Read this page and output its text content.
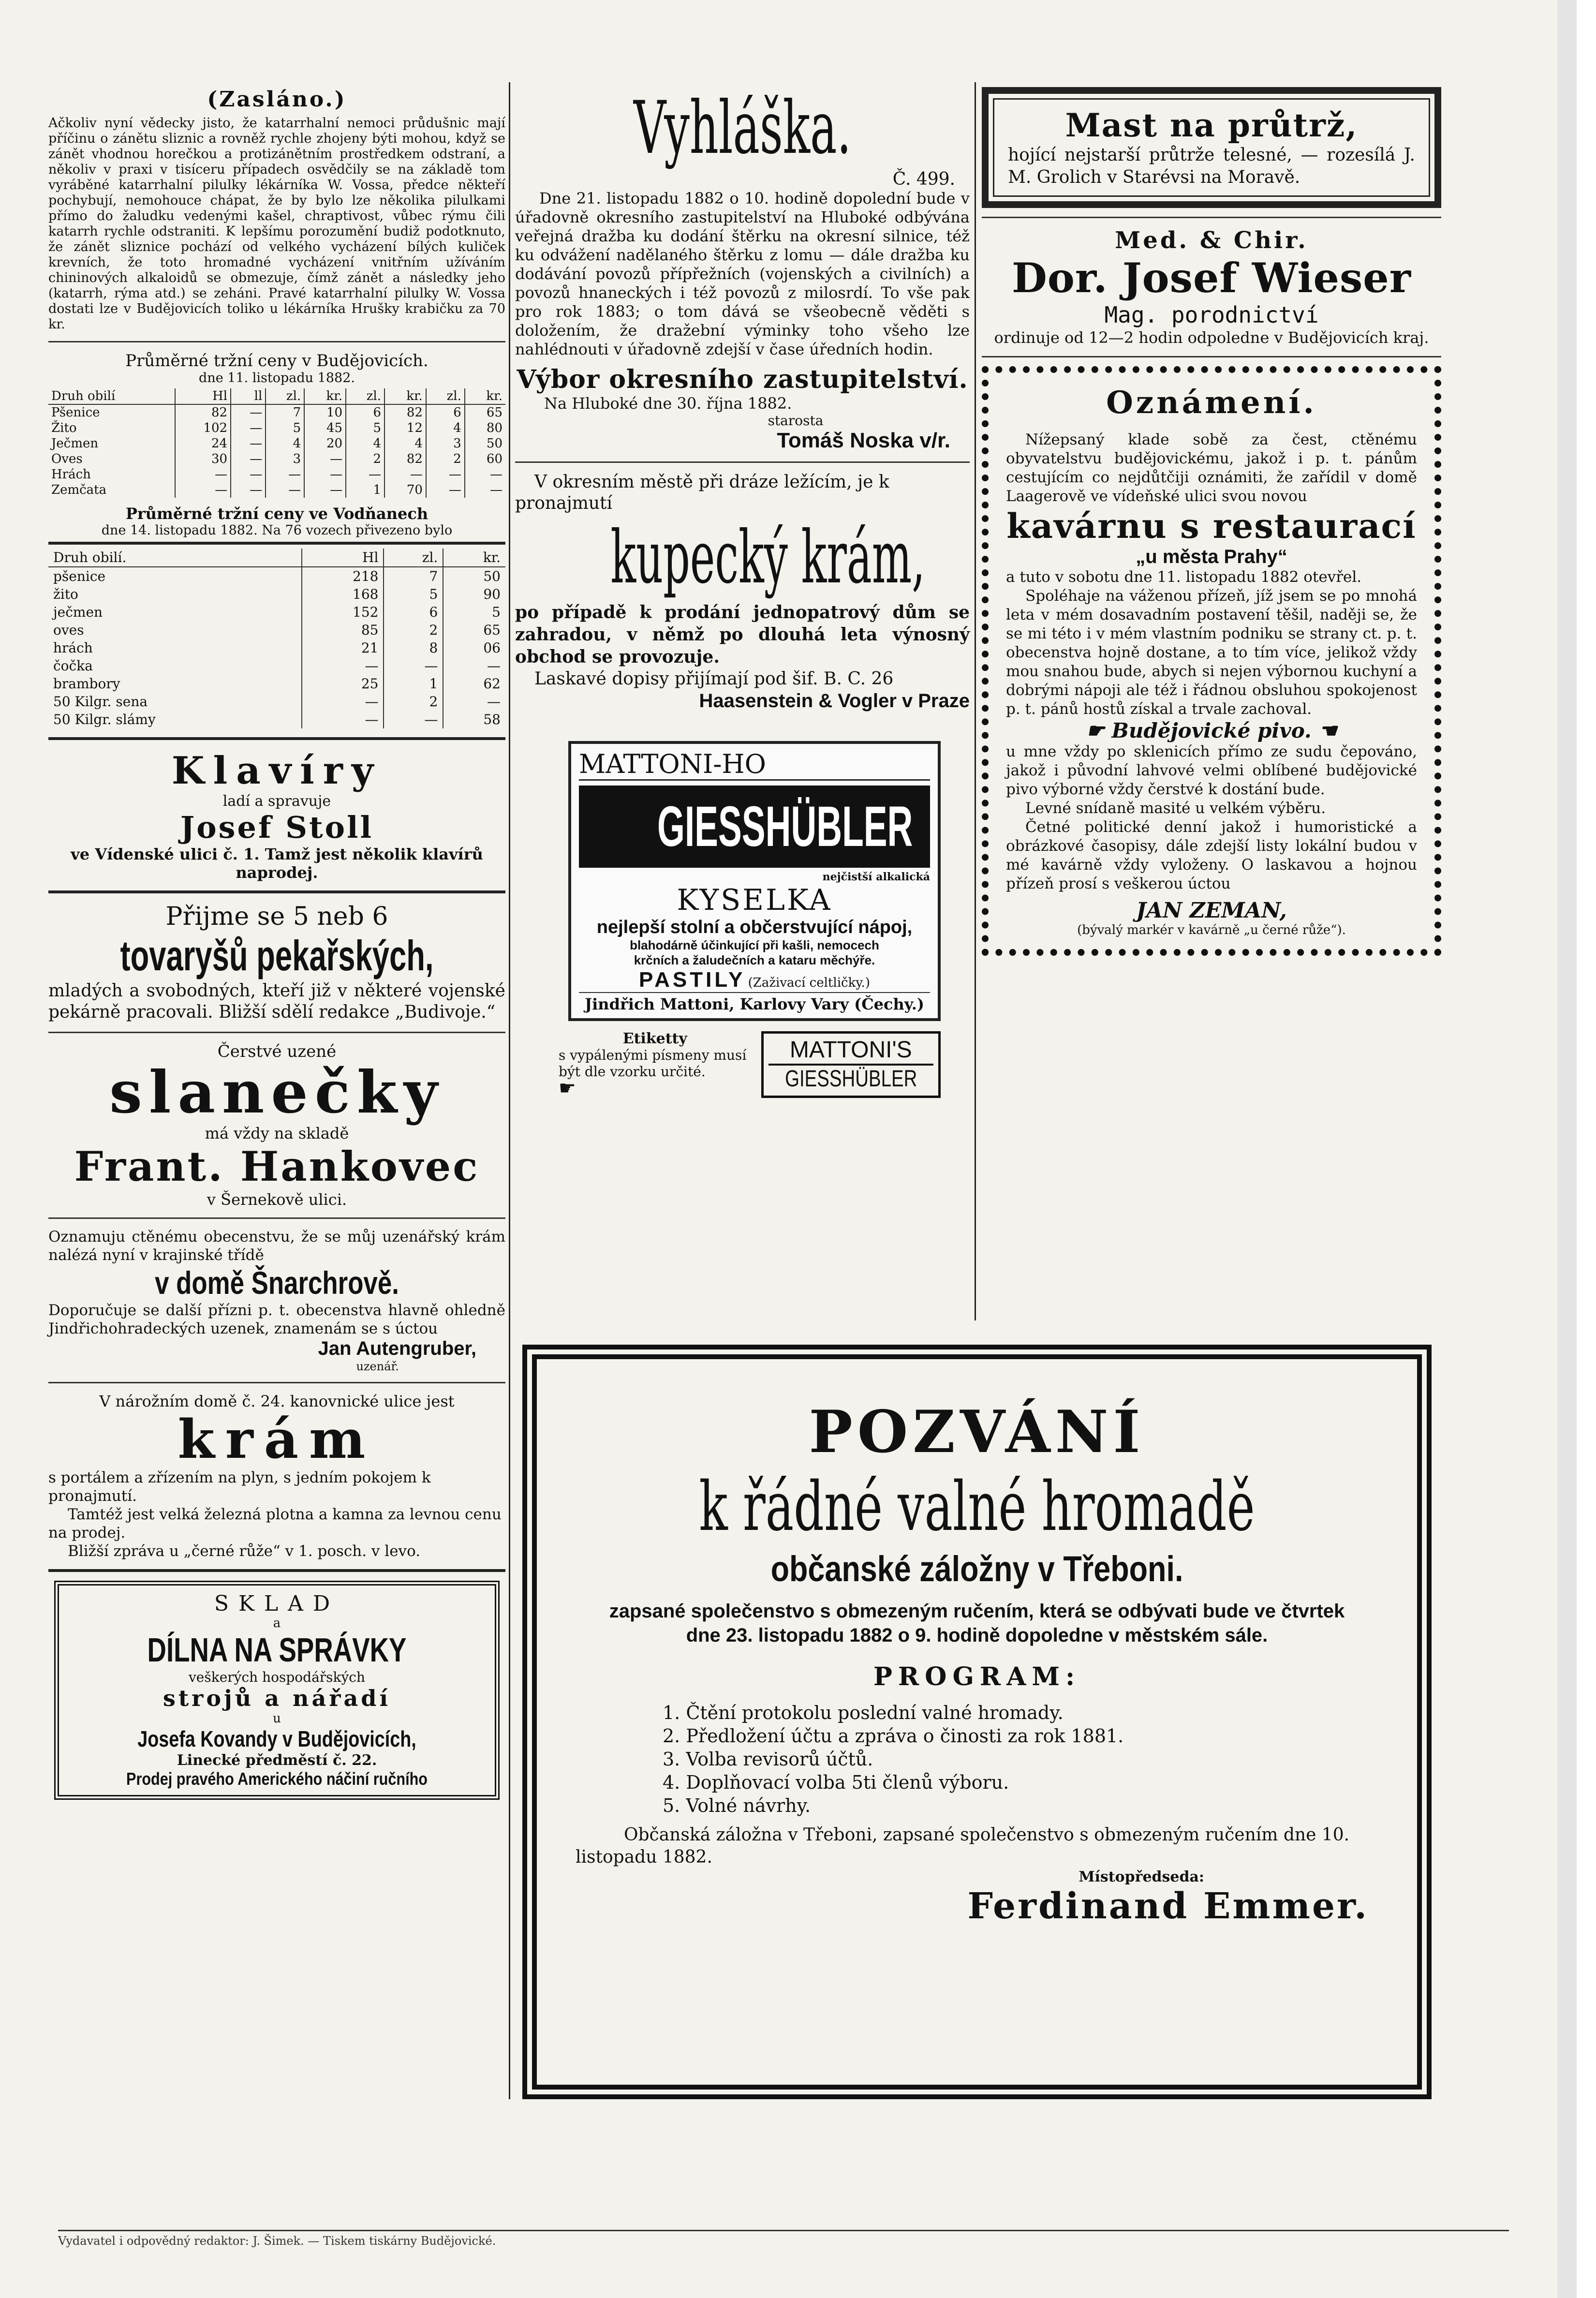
(Zasláno.)
Ačkoliv nyní vědecky jisto, že katarrhalní nemoci průdušnic mají příčinu o zánětu sliznic a rovněž rychle zhojeny býti mohou, když se zánět vhodnou horečkou a protizánětním prostředkem odstraní, a několiv v praxi v tisíceru případech osvědčily se na základě tom vyráběné katarrhalní pilulky lékárníka W. Vossa, předce někteří pochybují, nemohouce chápat, že by bylo lze několika pilulkami přímo do žaludku vedenými kašel, chraptivost, vůbec rýmu čili katarrh rychle odstraniti. K lepšímu porozumění budiž podotknuto, že zánět sliznice pochází od velkého vycházení bílých kuliček krevních, že toto hromadné vycházení vnitřním užíváním chininových alkaloidů se obmezuje, čímž zánět a následky jeho (katarrh, rýma atd.) se zeháni. Pravé katarrhalní pilulky W. Vossa dostati lze v Budějovicích toliko u lékárníka Hrušky krabičku za 70 kr.
Průměrné tržní ceny v Budějovicích.
dne 11. listopadu 1882.
Druh obilí	Hl	ll	zl.	kr.	zl.	kr.	zl.	kr.
Pšenice	82	—	7	10	6	82	6	65
Žito	102	—	5	45	5	12	4	80
Ječmen	24	—	4	20	4	4	3	50
Oves	30	—	3	—	2	82	2	60
Hrách	—	—	—	—	—	—	—	—
Zemčata	—	—	—	—	1	70	—	—
Průměrné tržní ceny ve Vodňanech
dne 14. listopadu 1882. Na 76 vozech přivezeno bylo
Druh obilí.	Hl	zl.	kr.
pšenice	218	7	50
žito	168	5	90
ječmen	152	6	5
oves	85	2	65
hrách	21	8	06
čočka	—	—	—
brambory	25	1	62
50 Kilgr. sena	—	2	—
50 Kilgr. slámy	—	—	58
Klavíry
ladí a spravuje
Josef Stoll
ve Vídenské ulici č. 1. Tamž jest několik klavírů naprodej.
Přijme se 5 neb 6
tovaryšů pekařských,
mladých a svobodných, kteří již v některé vojenské pekárně pracovali. Bližší sdělí redakce „Budivoje.“
Čerstvé uzené
slanečky
má vždy na skladě
Frant. Hankovec
v Šernekově ulici.
Oznamuju ctěnému obecenstvu, že se můj uzenářský krám nalézá nyní v krajinské třídě
v domě Šnarchrově.
Doporučuje se další přízni p. t. obecenstva hlavně ohledně Jindřichohradeckých uzenek, znamenám se s úctou
Jan Autengruber,
uzenář.
V nárožním domě č. 24. kanovnické ulice jest
krám
s portálem a zřízením na plyn, s jedním pokojem k pronajmutí.
Tamtéž jest velká železná plotna a kamna za levnou cenu na prodej.
Bližší zpráva u „černé růže“ v 1. posch. v levo.
SKLAD
a
DÍLNA NA SPRÁVKY
veškerých hospodářských
strojů a nářadí
u
Josefa Kovandy v Budějovicích,
Linecké předměstí č. 22.
Prodej pravého Amerického náčiní ručního
Vyhláška.
Č. 499.
Dne 21. listopadu 1882 o 10. hodině dopolední bude v úřadovně okresního zastupitelství na Hluboké odbývána veřejná dražba ku dodání štěrku na okresní silnice, též ku odvážení nadělaného štěrku z lomu — dále dražba ku dodávání povozů přípřežních (vojenských a civilních) a povozů hnaneckých i též povozů z milosrdí. To vše pak pro rok 1883; o tom dává se všeobecně věděti s doložením, že dražební výminky toho všeho lze nahlédnouti v úřadovně zdejší v čase úředních hodin.
Výbor okresního zastupitelství.
Na Hluboké dne 30. října 1882.
starosta
Tomáš Noska v/r.
V okresním městě při dráze ležícím, je k pronajmutí
kupecký krám,
po případě k prodání jednopatrový dům se zahradou, v němž po dlouhá leta výnosný obchod se provozuje.
Laskavé dopisy přijímají pod šif. B. C. 26
Haasenstein & Vogler v Praze
MATTONI-HO
GIESSHÜBLER
nejčistší alkalická
KYSELKA
nejlepší stolní a občerstvující nápoj,
blahodárně účinkující při kašli, nemocech
krčních a žaludečních a kataru měchýře.
PASTILY (Zaživací celtličky.)
Jindřich Mattoni, Karlovy Vary (Čechy.)
Etiketty
s vypálenými písmeny musí být dle vzorku určité.
☛
MATTONI'S
GIESSHÜBLER
Mast na průtrž,
hojící nejstarší průtrže telesné, — rozesílá J. M. Grolich v Starévsi na Moravě.
Med. & Chir.
Dor. Josef Wieser
Mag. porodnictví
ordinuje od 12—2 hodin odpoledne v Budějovicích kraj.
Oznámení.
Nížepsaný klade sobě za čest, ctěnému obyvatelstvu budějovickému, jakož i p. t. pánům cestujícím co nejdůtčiji oznámiti, že zařídil v domě Laagerově ve vídeňské ulici svou novou
kavárnu s restaurací
„u města Prahy“
a tuto v sobotu dne 11. listopadu 1882 otevřel.
Spoléhaje na váženou přízeň, jíž jsem se po mnohá leta v mém dosavadním postavení těšil, naději se, že se mi této i v mém vlastním podniku se strany ct. p. t. obecenstva hojně dostane, a to tím více, jelikož vždy mou snahou bude, abych si nejen výbornou kuchyní a dobrými nápoji ale též i řádnou obsluhou spokojenost p. t. pánů hostů získal a trvale zachoval.
☛ Budějovické pivo. ☚
u mne vždy po sklenicích přímo ze sudu čepováno, jakož i původní lahvové velmi oblíbené budějovické pivo výborné vždy čerstvé k dostání bude.
Levné snídaně masité u velkém výběru.
Četné politické denní jakož i humoristické a obrázkové časopisy, dále zdejší listy lokální budou v mé kavárně vždy vyloženy. O laskavou a hojnou přízeň prosí s veškerou úctou
JAN ZEMAN,
(bývalý markér v kavárně „u černé růže“).
POZVÁNÍ
k řádné valné hromadě
občanské záložny v Třeboni.
zapsané společenstvo s obmezeným ručením, která se odbývati bude ve čtvrtek dne 23. listopadu 1882 o 9. hodině dopoledne v městském sále.
PROGRAM:
1. Čtění protokolu poslední valné hromady.
2. Předložení účtu a zpráva o činosti za rok 1881.
3. Volba revisorů účtů.
4. Doplňovací volba 5ti členů výboru.
5. Volné návrhy.
Občanská záložna v Třeboni, zapsané společenstvo s obmezeným ručením dne 10. listopadu 1882.
Místopředseda:
Ferdinand Emmer.
Vydavatel i odpovědný redaktor: J. Šimek. — Tiskem tiskárny Budějovické.
